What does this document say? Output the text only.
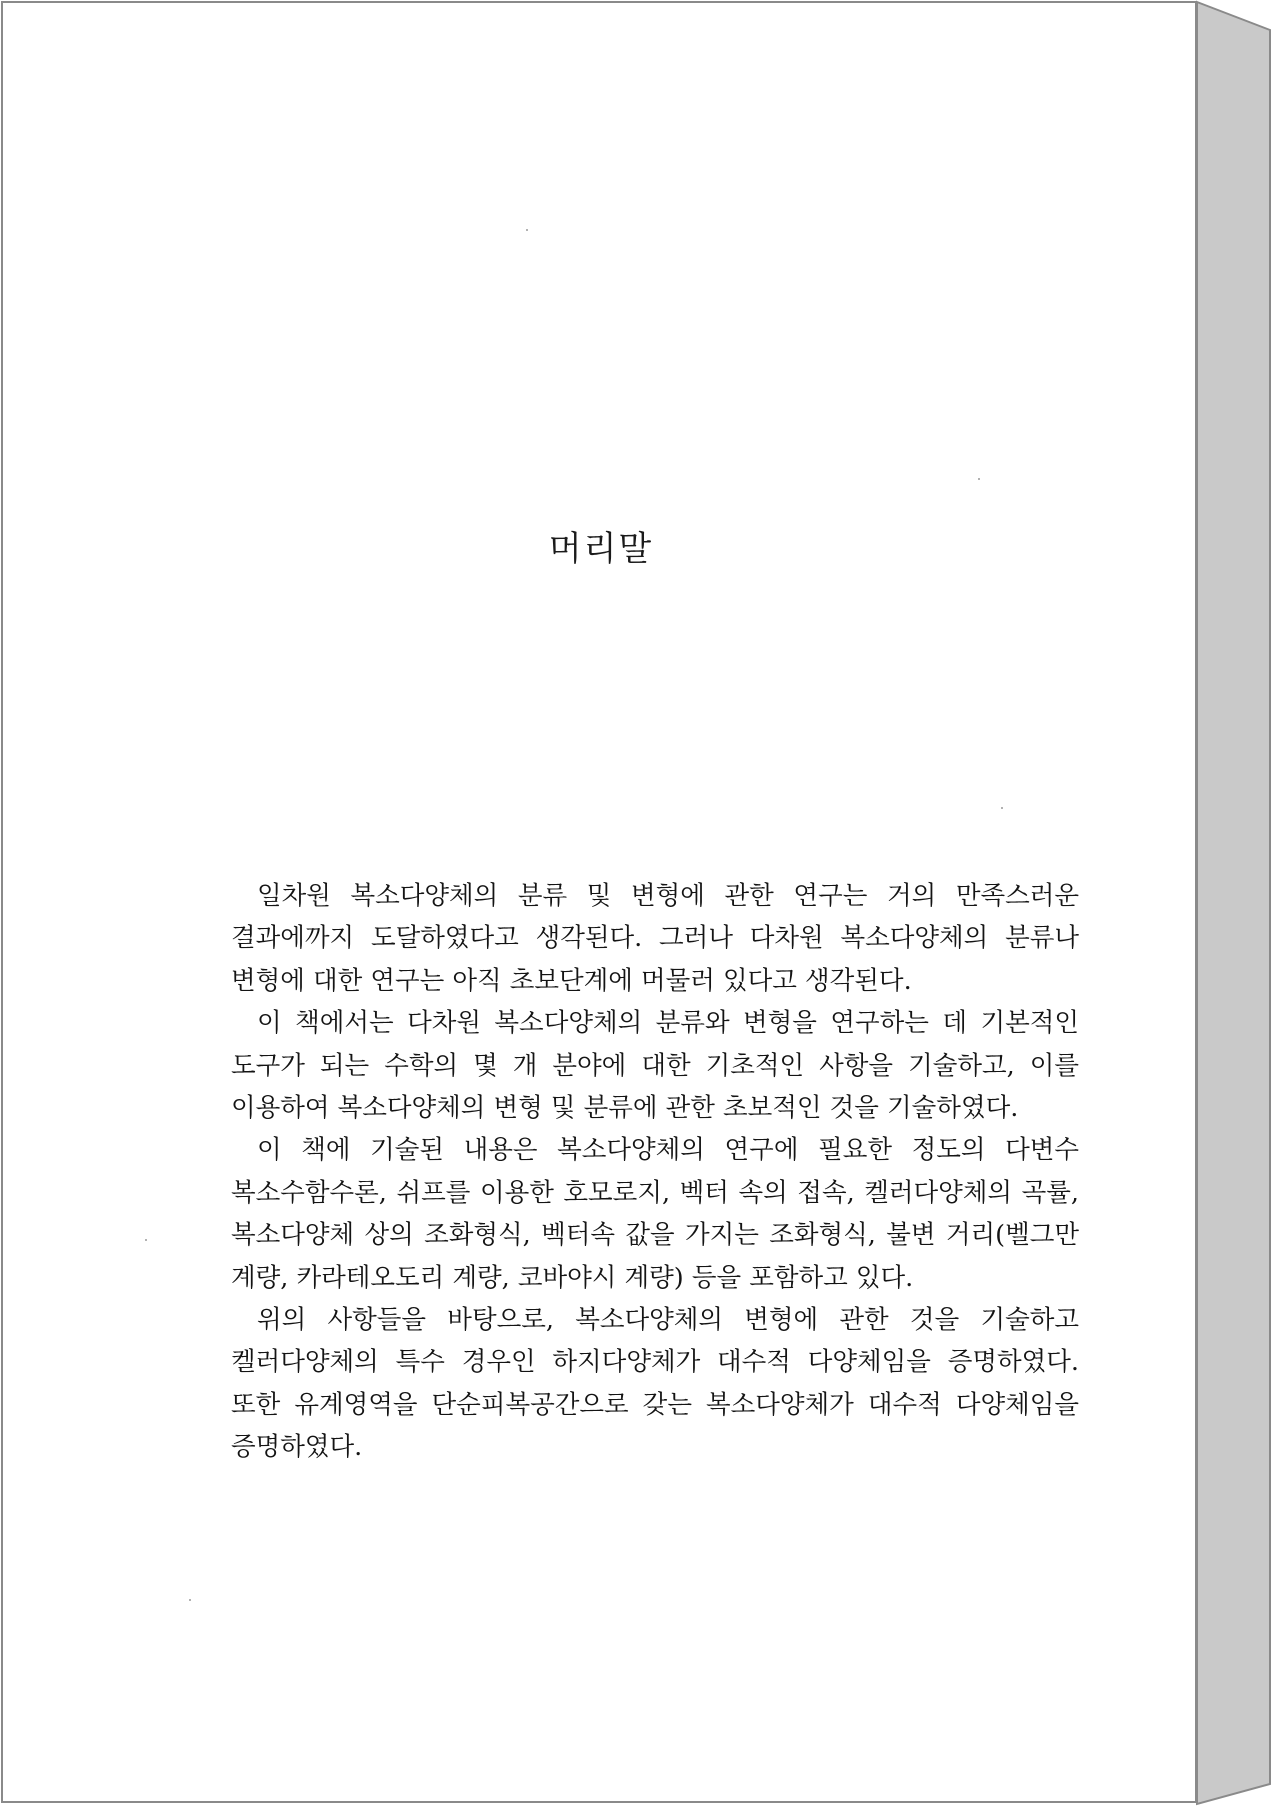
머리말

일차원 복소다양체의 분류 및 변형에 관한 연구는 거의 만족스러운 결과에까지 도달하였다고 생각된다. 그러나 다차원 복소다양체의 분류나 변형에 대한 연구는 아직 초보단계에 머물러 있다고 생각된다.

이 책에서는 다차원 복소다양체의 분류와 변형을 연구하는 데 기본적인 도구가 되는 수학의 몇 개 분야에 대한 기초적인 사항을 기술하고, 이를 이용하여 복소다양체의 변형 및 분류에 관한 초보적인 것을 기술하였다.

이 책에 기술된 내용은 복소다양체의 연구에 필요한 정도의 다변수 복소수함수론, 쉬프를 이용한 호모로지, 벡터 속의 접속, 켈러다양체의 곡률, 복소다양체 상의 조화형식, 벡터속 값을 가지는 조화형식, 불변 거리(벨그만 계량, 카라테오도리 계량, 코바야시 계량) 등을 포함하고 있다.

위의 사항들을 바탕으로, 복소다양체의 변형에 관한 것을 기술하고 켈러다양체의 특수 경우인 하지다양체가 대수적 다양체임을 증명하였다. 또한 유계영역을 단순피복공간으로 갖는 복소다양체가 대수적 다양체임을 증명하였다.
